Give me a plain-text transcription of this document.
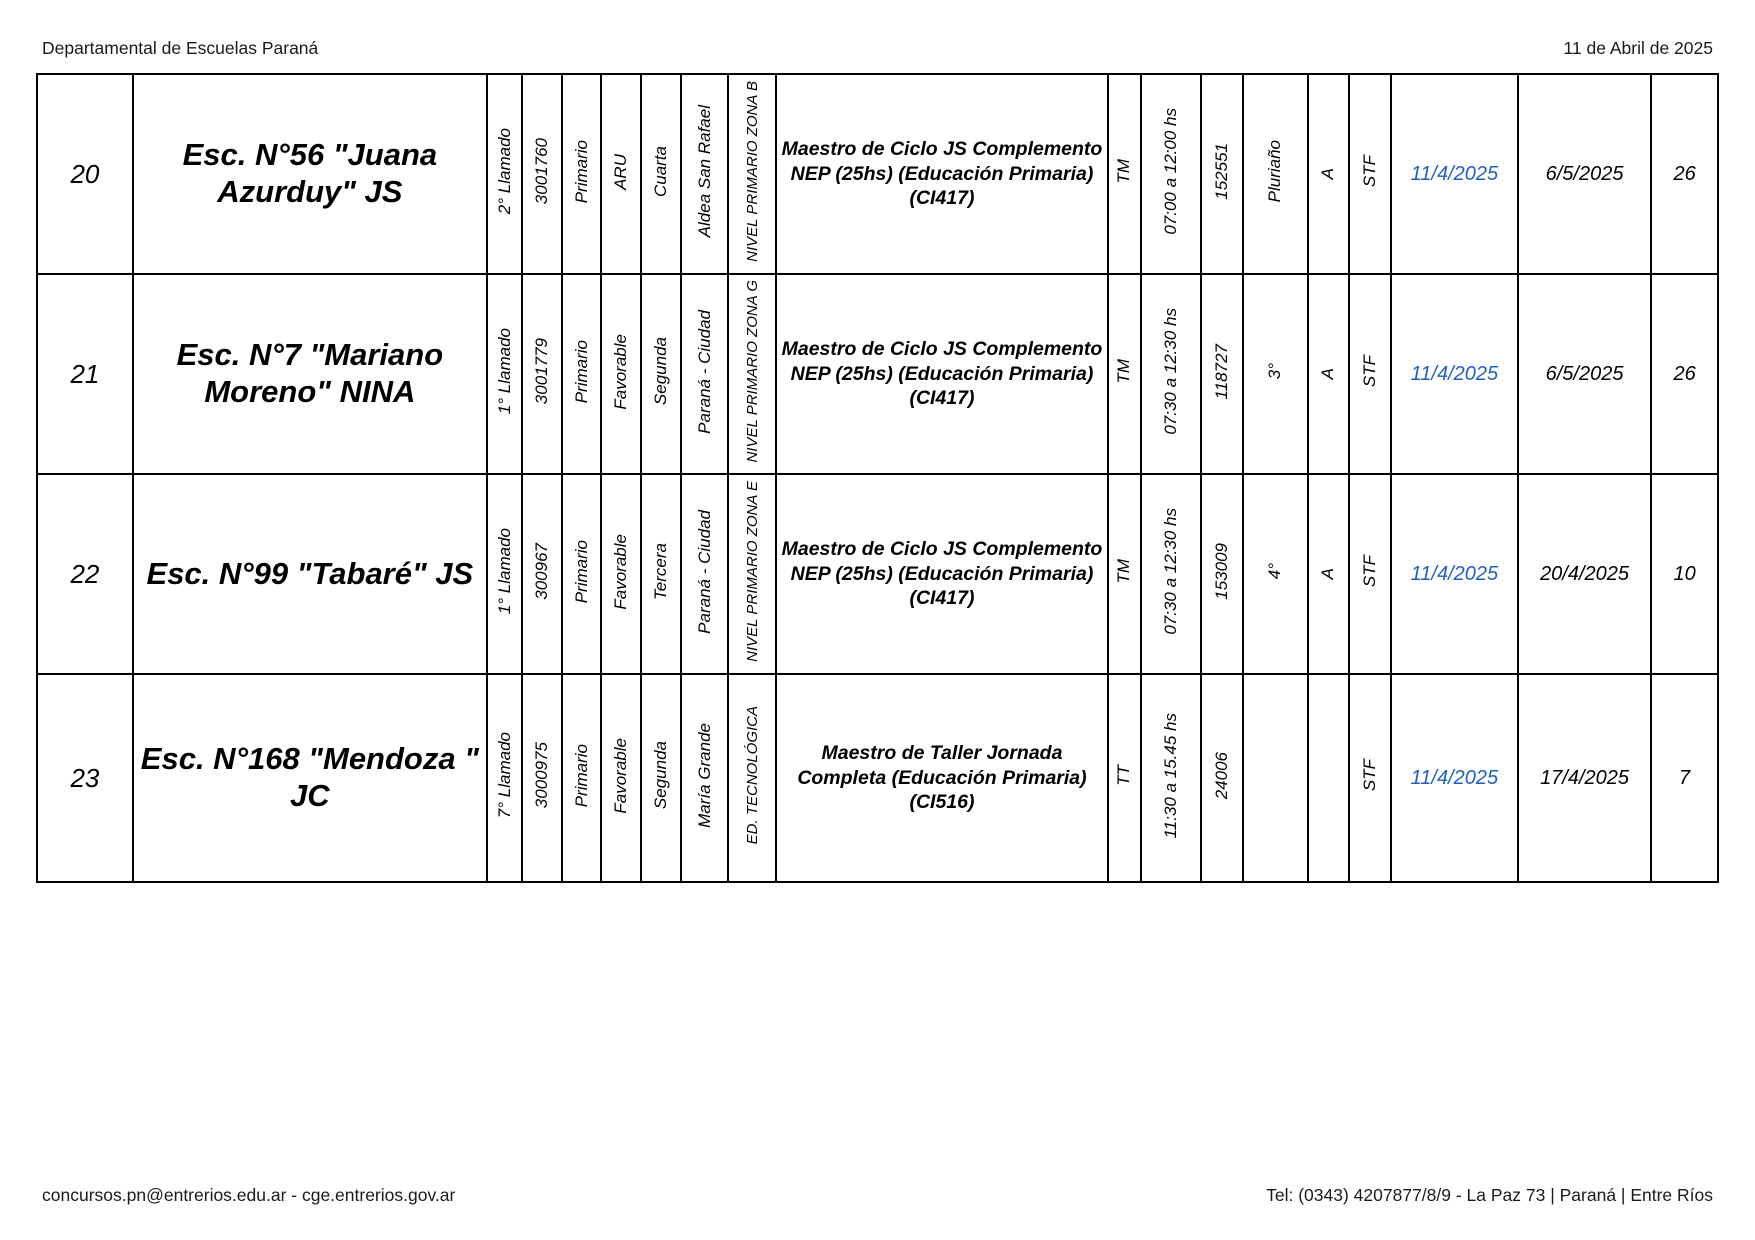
Departamental de Escuelas Paraná	11 de Abril de 2025
20	Esc. N°56 "Juana Azurduy" JS	2° Llamado	3001760	Primario	ARU	Cuarta	Aldea San Rafael	NIVEL PRIMARIO ZONA B	Maestro de Ciclo JS Complemento NEP (25hs) (Educación Primaria) (CI417)	TM	07:00 a 12:00 hs	152551	Pluriaño	A	STF	11/4/2025	6/5/2025	26
21	Esc. N°7 "Mariano Moreno" NINA	1° Llamado	3001779	Primario	Favorable	Segunda	Paraná - Ciudad	NIVEL PRIMARIO ZONA G	Maestro de Ciclo JS Complemento NEP (25hs) (Educación Primaria) (CI417)	TM	07:30 a 12:30 hs	118727	3°	A	STF	11/4/2025	6/5/2025	26
22	Esc. N°99 "Tabaré" JS	1° Llamado	300967	Primario	Favorable	Tercera	Paraná - Ciudad	NIVEL PRIMARIO ZONA E	Maestro de Ciclo JS Complemento NEP (25hs) (Educación Primaria) (CI417)	TM	07:30 a 12:30 hs	153009	4°	A	STF	11/4/2025	20/4/2025	10
23	Esc. N°168 "Mendoza " JC	7° Llamado	3000975	Primario	Favorable	Segunda	María Grande	ED. TECNOLÓGICA	Maestro de Taller Jornada Completa (Educación Primaria) (CI516)	TT	11:30 a 15.45 hs	24006			STF	11/4/2025	17/4/2025	7
concursos.pn@entrerios.edu.ar - cge.entrerios.gov.ar	Tel: (0343) 4207877/8/9 - La Paz 73 | Paraná | Entre Ríos
